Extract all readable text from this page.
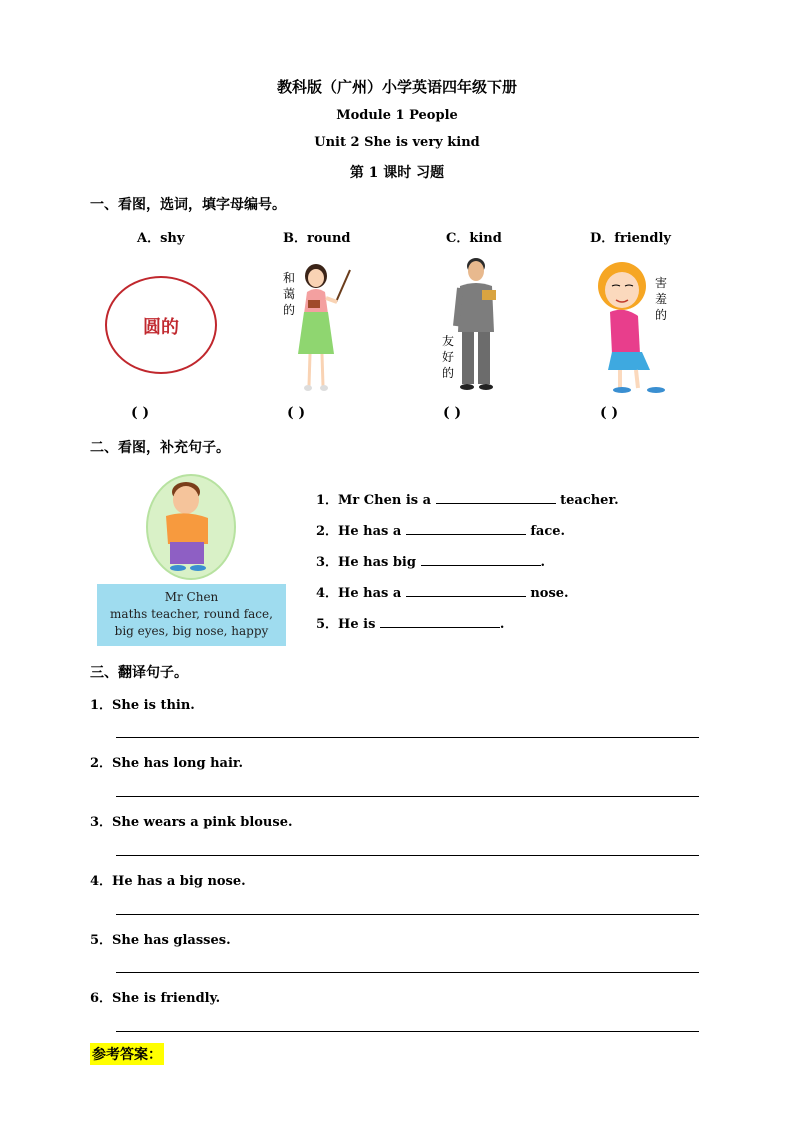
教科版（广州）小学英语四年级下册
Module 1 People
Unit 2 She is very kind
第 1 课时 习题
一、看图，选词，填字母编号。
A．shy	B．round	C．kind	D．friendly
圆的
和蔼的
友好的
害羞的
( )	( )	( )	( )
二、看图，补充句子。
Mr Chen
maths teacher, round face,
big eyes, big nose, happy
1．Mr Chen is a	teacher.
2．He has a	face.
3．He has big	.
4．He has a	nose.
5．He is	.
三、翻译句子。
1．She is thin.
2．She has long hair.
3．She wears a pink blouse.
4．He has a big nose.
5．She has glasses.
6．She is friendly.
参考答案：
